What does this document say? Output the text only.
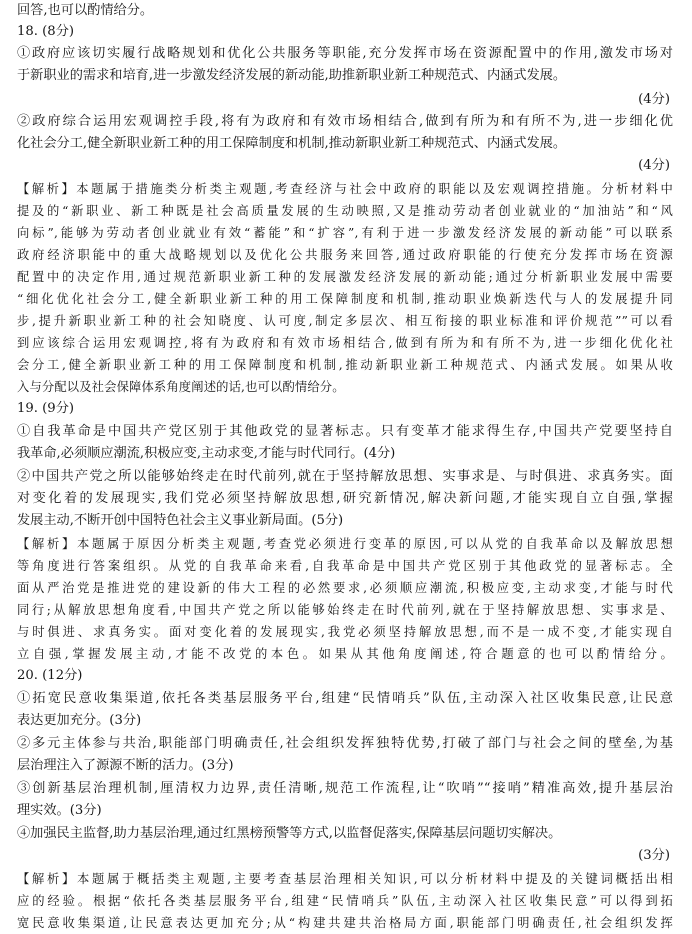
回答,也可以酌情给分。
18. (8分)
①政府应该切实履行战略规划和优化公共服务等职能,充分发挥市场在资源配置中的作用,激发市场对
于新职业的需求和培育,进一步激发经济发展的新动能,助推新职业新工种规范式、内涵式发展。
(4分)
②政府综合运用宏观调控手段,将有为政府和有效市场相结合,做到有所为和有所不为,进一步细化优
化社会分工,健全新职业新工种的用工保障制度和机制,推动新职业新工种规范式、内涵式发展。
(4分)
【解析】本题属于措施类分析类主观题,考查经济与社会中政府的职能以及宏观调控措施。分析材料中
提及的“新职业、新工种既是社会高质量发展的生动映照,又是推动劳动者创业就业的“加油站”和“风
向标”,能够为劳动者创业就业有效“蓄能”和“扩容”,有利于进一步激发经济发展的新动能”可以联系
政府经济职能中的重大战略规划以及优化公共服务来回答,通过政府职能的行使充分发挥市场在资源
配置中的决定作用,通过规范新职业新工种的发展激发经济发展的新动能;通过分析新职业发展中需要
“细化优化社会分工,健全新职业新工种的用工保障制度和机制,推动职业焕新迭代与人的发展提升同
步,提升新职业新工种的社会知晓度、认可度,制定多层次、相互衔接的职业标准和评价规范””可以看
到应该综合运用宏观调控,将有为政府和有效市场相结合,做到有所为和有所不为,进一步细化优化社
会分工,健全新职业新工种的用工保障制度和机制,推动新职业新工种规范式、内涵式发展。如果从收
入与分配以及社会保障体系角度阐述的话,也可以酌情给分。
19. (9分)
①自我革命是中国共产党区别于其他政党的显著标志。只有变革才能求得生存,中国共产党要坚持自
我革命,必须顺应潮流,积极应变,主动求变,才能与时代同行。(4分)
②中国共产党之所以能够始终走在时代前列,就在于坚持解放思想、实事求是、与时俱进、求真务实。面
对变化着的发展现实,我们党必须坚持解放思想,研究新情况,解决新问题,才能实现自立自强,掌握
发展主动,不断开创中国特色社会主义事业新局面。(5分)
【解析】本题属于原因分析类主观题,考查党必须进行变革的原因,可以从党的自我革命以及解放思想
等角度进行答案组织。从党的自我革命来看,自我革命是中国共产党区别于其他政党的显著标志。全
面从严治党是推进党的建设新的伟大工程的必然要求,必须顺应潮流,积极应变,主动求变,才能与时代
同行;从解放思想角度看,中国共产党之所以能够始终走在时代前列,就在于坚持解放思想、实事求是、
与时俱进、求真务实。面对变化着的发展现实,我党必须坚持解放思想,而不是一成不变,才能实现自
立自强,掌握发展主动,才能不改党的本色。如果从其他角度阐述,符合题意的也可以酌情给分。
20. (12分)
①拓宽民意收集渠道,依托各类基层服务平台,组建“民情哨兵”队伍,主动深入社区收集民意,让民意
表达更加充分。(3分)
②多元主体参与共治,职能部门明确责任,社会组织发挥独特优势,打破了部门与社会之间的壁垒,为基
层治理注入了源源不断的活力。(3分)
③创新基层治理机制,厘清权力边界,责任清晰,规范工作流程,让“吹哨”“接哨”精准高效,提升基层治
理实效。(3分)
④加强民主监督,助力基层治理,通过红黑榜预警等方式,以监督促落实,保障基层问题切实解决。
(3分)
【解析】本题属于概括类主观题,主要考查基层治理相关知识,可以分析材料中提及的关键词概括出相
应的经验。根据“依托各类基层服务平台,组建“民情哨兵”队伍,主动深入社区收集民意”可以得到拓
宽民意收集渠道,让民意表达更加充分;从“构建共建共治格局方面,职能部门明确责任,社会组织发挥
